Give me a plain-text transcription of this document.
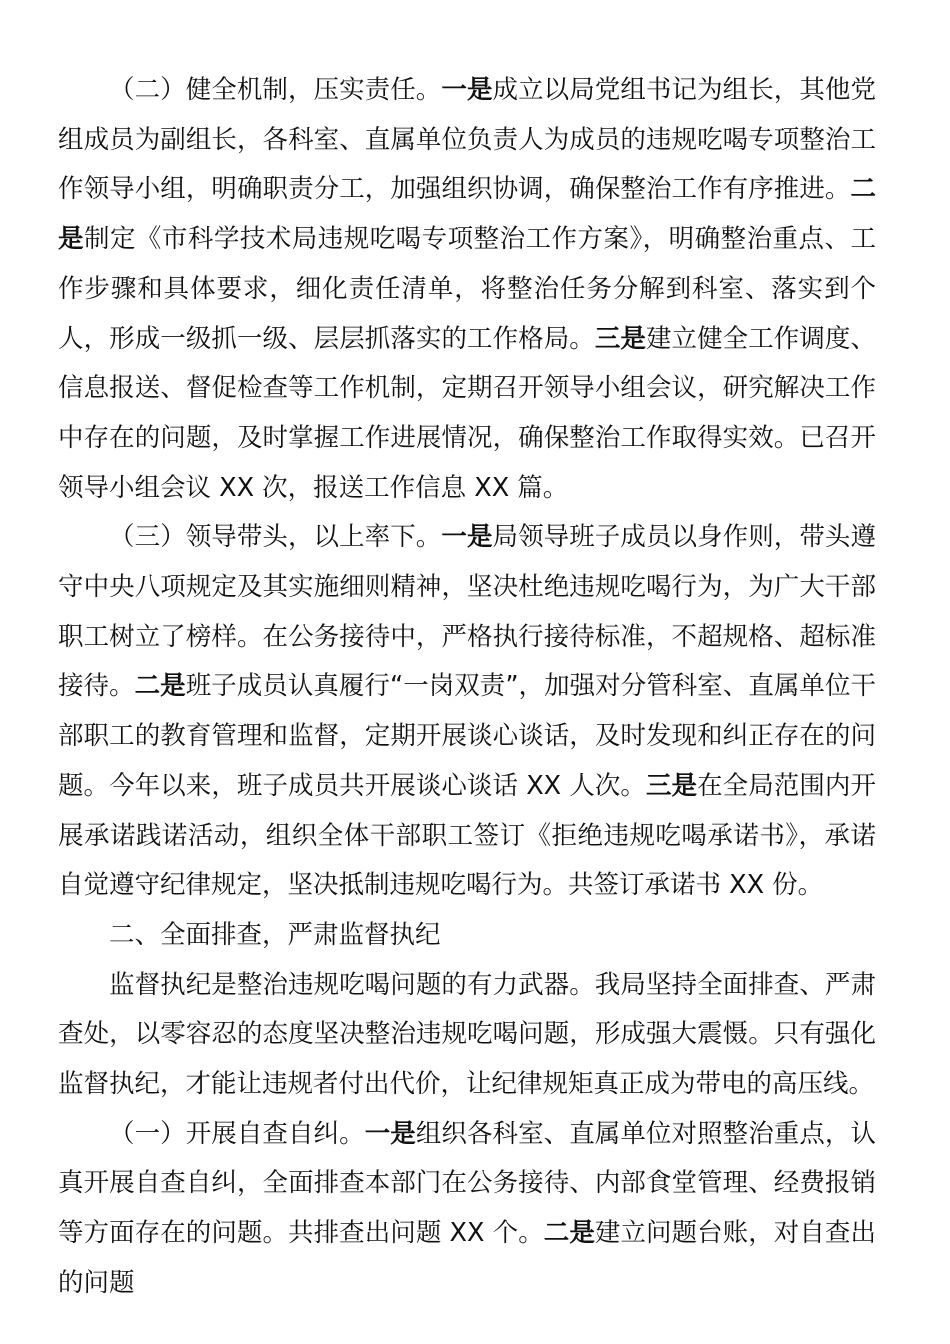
（二）健全机制，压实责任。一是成立以局党组书记为组长，其他党组成员为副组长，各科室、直属单位负责人为成员的违规吃喝专项整治工作领导小组，明确职责分工，加强组织协调，确保整治工作有序推进。二是制定《市科学技术局违规吃喝专项整治工作方案》，明确整治重点、工作步骤和具体要求，细化责任清单，将整治任务分解到科室、落实到个人，形成一级抓一级、层层抓落实的工作格局。三是建立健全工作调度、信息报送、督促检查等工作机制，定期召开领导小组会议，研究解决工作中存在的问题，及时掌握工作进展情况，确保整治工作取得实效。已召开领导小组会议 XX 次，报送工作信息 XX 篇。

（三）领导带头，以上率下。一是局领导班子成员以身作则，带头遵守中央八项规定及其实施细则精神，坚决杜绝违规吃喝行为，为广大干部职工树立了榜样。在公务接待中，严格执行接待标准，不超规格、超标准接待。二是班子成员认真履行“一岗双责”，加强对分管科室、直属单位干部职工的教育管理和监督，定期开展谈心谈话，及时发现和纠正存在的问题。今年以来，班子成员共开展谈心谈话 XX 人次。三是在全局范围内开展承诺践诺活动，组织全体干部职工签订《拒绝违规吃喝承诺书》，承诺自觉遵守纪律规定，坚决抵制违规吃喝行为。共签订承诺书 XX 份。

二、全面排查，严肃监督执纪

监督执纪是整治违规吃喝问题的有力武器。我局坚持全面排查、严肃查处，以零容忍的态度坚决整治违规吃喝问题，形成强大震慑。只有强化监督执纪，才能让违规者付出代价，让纪律规矩真正成为带电的高压线。

（一）开展自查自纠。一是组织各科室、直属单位对照整治重点，认真开展自查自纠，全面排查本部门在公务接待、内部食堂管理、经费报销等方面存在的问题。共排查出问题 XX 个。二是建立问题台账，对自查出的问题
